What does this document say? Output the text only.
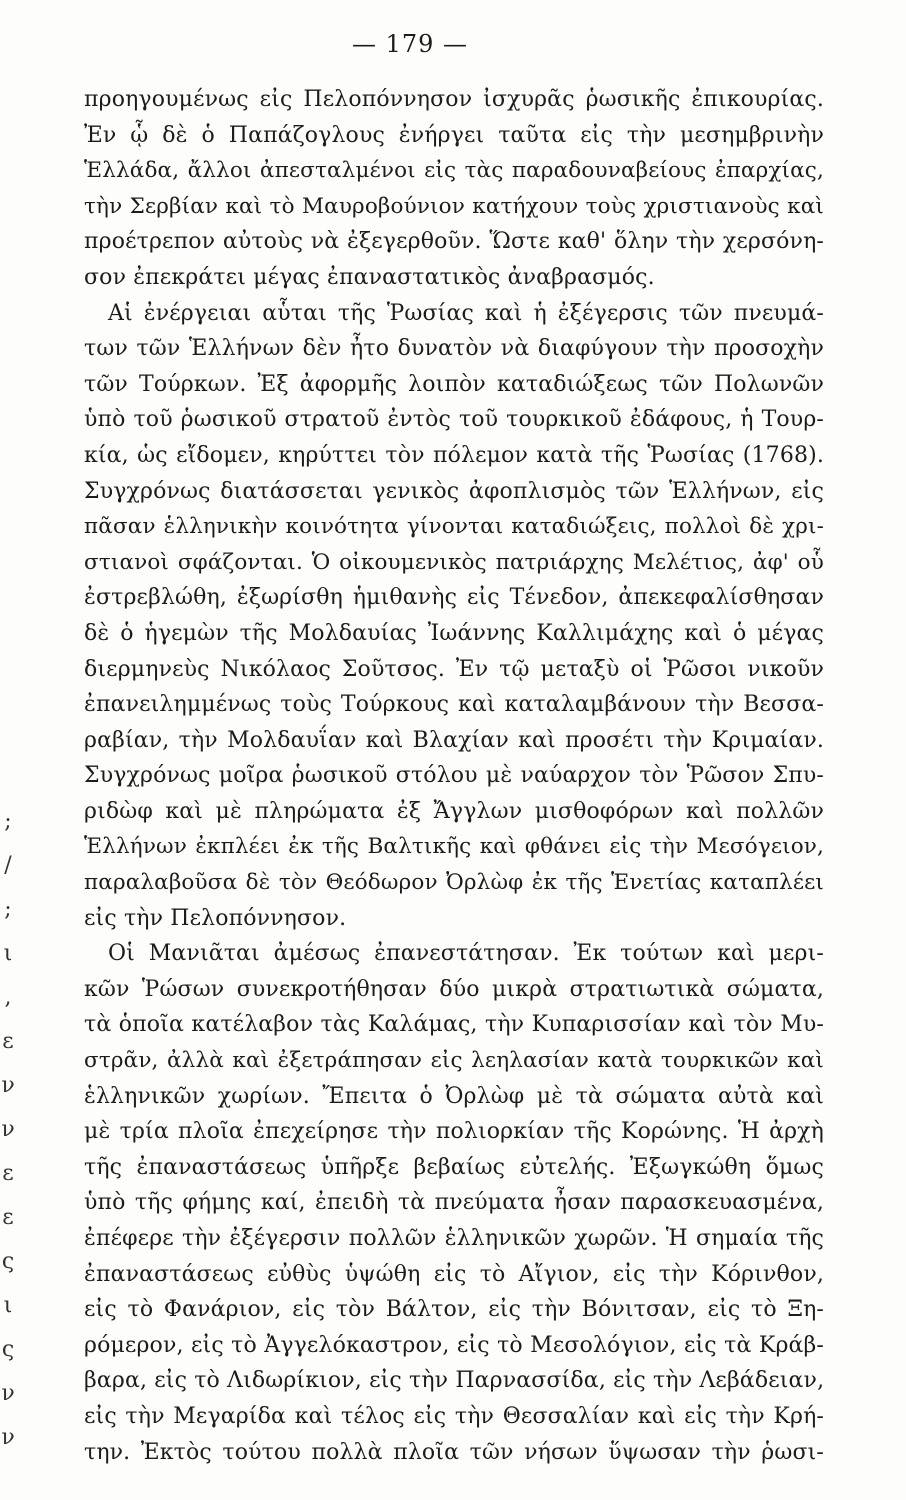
— 179 —
προηγουμένως εἰς Πελοπόννησον ἰσχυρᾶς ῥωσικῆς ἐπικουρίας.
Ἐν ᾧ δὲ ὁ Παπάζογλους ἐνήργει ταῦτα εἰς τὴν μεσημβρινὴν
Ἑλλάδα, ἄλλοι ἀπεσταλμένοι εἰς τὰς παραδουναβείους ἐπαρχίας,
τὴν Σερβίαν καὶ τὸ Μαυροβούνιον κατήχουν τοὺς χριστιανοὺς καὶ
προέτρεπον αὐτοὺς νὰ ἐξεγερθοῦν. Ὥστε καθ' ὅλην τὴν χερσόνη-
σον ἐπεκράτει μέγας ἐπαναστατικὸς ἀναβρασμός.
Αἱ ἐνέργειαι αὗται τῆς Ῥωσίας καὶ ἡ ἐξέγερσις τῶν πνευμά-
των τῶν Ἑλλήνων δὲν ἦτο δυνατὸν νὰ διαφύγουν τὴν προσοχὴν
τῶν Τούρκων. Ἐξ ἀφορμῆς λοιπὸν καταδιώξεως τῶν Πολωνῶν
ὑπὸ τοῦ ῥωσικοῦ στρατοῦ ἐντὸς τοῦ τουρκικοῦ ἐδάφους, ἡ Τουρ-
κία, ὡς εἴδομεν, κηρύττει τὸν πόλεμον κατὰ τῆς Ῥωσίας (1768).
Συγχρόνως διατάσσεται γενικὸς ἀφοπλισμὸς τῶν Ἑλλήνων, εἰς
πᾶσαν ἑλληνικὴν κοινότητα γίνονται καταδιώξεις, πολλοὶ δὲ χρι-
στιανοὶ σφάζονται. Ὁ οἰκουμενικὸς πατριάρχης Μελέτιος, ἀφ' οὗ
ἐστρεβλώθη, ἐξωρίσθη ἡμιθανὴς εἰς Τένεδον, ἀπεκεφαλίσθησαν
δὲ ὁ ἡγεμὼν τῆς Μολδαυίας Ἰωάννης Καλλιμάχης καὶ ὁ μέγας
διερμηνεὺς Νικόλαος Σοῦτσος. Ἐν τῷ μεταξὺ οἱ Ῥῶσοι νικοῦν
ἐπανειλημμένως τοὺς Τούρκους καὶ καταλαμβάνουν τὴν Βεσσα-
ραβίαν, τὴν Μολδαυΐαν καὶ Βλαχίαν καὶ προσέτι τὴν Κριμαίαν.
Συγχρόνως μοῖρα ῥωσικοῦ στόλου μὲ ναύαρχον τὸν Ῥῶσον Σπυ-
ριδὼφ καὶ μὲ πληρώματα ἐξ Ἄγγλων μισθοφόρων καὶ πολλῶν
Ἑλλήνων ἐκπλέει ἐκ τῆς Βαλτικῆς καὶ φθάνει εἰς τὴν Μεσόγειον,
παραλαβοῦσα δὲ τὸν Θεόδωρον Ὀρλὼφ ἐκ τῆς Ἑνετίας καταπλέει
εἰς τὴν Πελοπόννησον.
Οἱ Μανιᾶται ἀμέσως ἐπανεστάτησαν. Ἐκ τούτων καὶ μερι-
κῶν Ῥώσων συνεκροτήθησαν δύο μικρὰ στρατιωτικὰ σώματα,
τὰ ὁποῖα κατέλαβον τὰς Καλάμας, τὴν Κυπαρισσίαν καὶ τὸν Μυ-
στρᾶν, ἀλλὰ καὶ ἐξετράπησαν εἰς λεηλασίαν κατὰ τουρκικῶν καὶ
ἑλληνικῶν χωρίων. Ἔπειτα ὁ Ὀρλὼφ μὲ τὰ σώματα αὐτὰ καὶ
μὲ τρία πλοῖα ἐπεχείρησε τὴν πολιορκίαν τῆς Κορώνης. Ἡ ἀρχὴ
τῆς ἐπαναστάσεως ὑπῆρξε βεβαίως εὐτελής. Ἐξωγκώθη ὅμως
ὑπὸ τῆς φήμης καί, ἐπειδὴ τὰ πνεύματα ἦσαν παρασκευασμένα,
ἐπέφερε τὴν ἐξέγερσιν πολλῶν ἑλληνικῶν χωρῶν. Ἡ σημαία τῆς
ἐπαναστάσεως εὐθὺς ὑψώθη εἰς τὸ Αἴγιον, εἰς τὴν Κόρινθον,
εἰς τὸ Φανάριον, εἰς τὸν Βάλτον, εἰς τὴν Βόνιτσαν, εἰς τὸ Ξη-
ρόμερον, εἰς τὸ Ἀγγελόκαστρον, εἰς τὸ Μεσολόγιον, εἰς τὰ Κράβ-
βαρα, εἰς τὸ Λιδωρίκιον, εἰς τὴν Παρνασσίδα, εἰς τὴν Λεβάδειαν,
εἰς τὴν Μεγαρίδα καὶ τέλος εἰς τὴν Θεσσαλίαν καὶ εἰς τὴν Κρή-
την. Ἐκτὸς τούτου πολλὰ πλοῖα τῶν νήσων ὕψωσαν τὴν ῥωσι-
;
/
;
ι
,
ε
ν
ν
ε
ε
ς
ι
ς
ν
ν
